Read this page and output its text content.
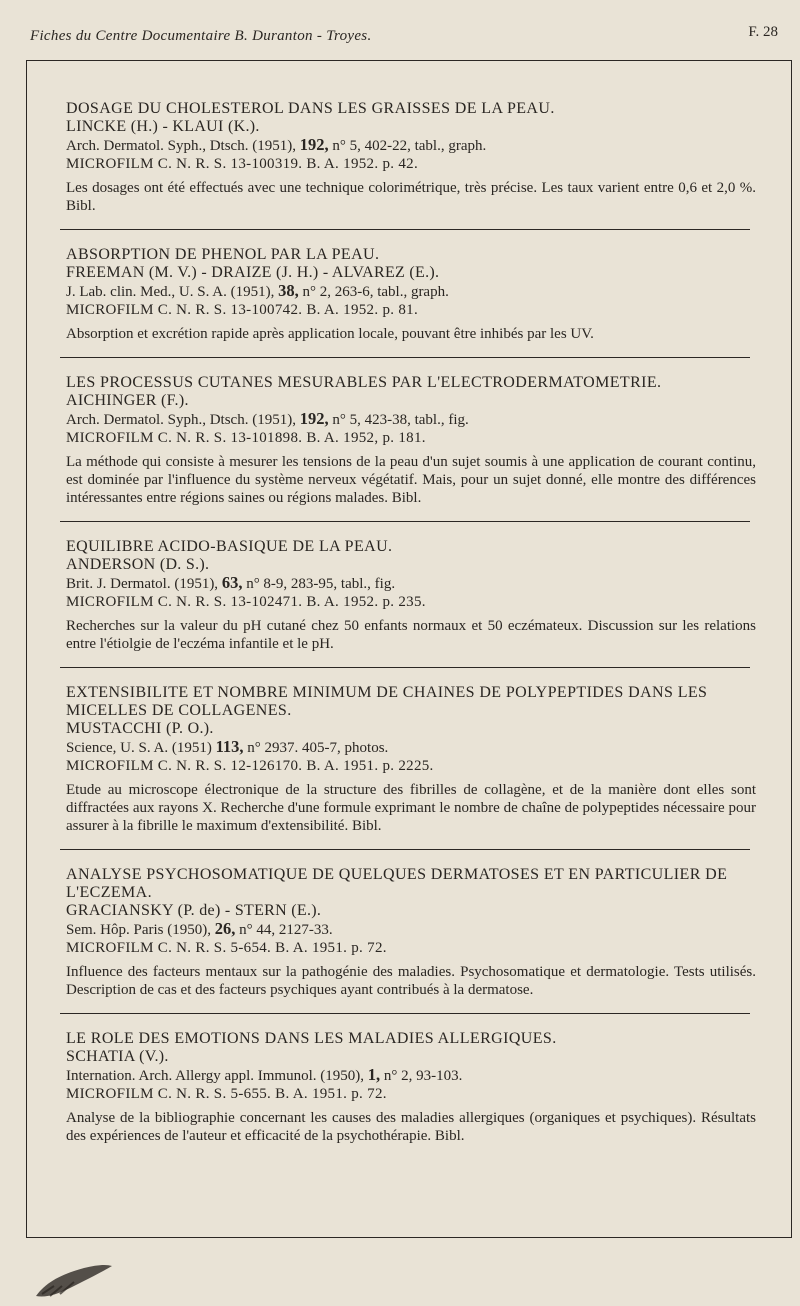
Fiches du Centre Documentaire B. Duranton - Troyes.	F. 28
DOSAGE DU CHOLESTEROL DANS LES GRAISSES DE LA PEAU.
LINCKE (H.) - KLAUI (K.).
Arch. Dermatol. Syph., Dtsch. (1951), 192, n° 5, 402-22, tabl., graph.
MICROFILM C. N. R. S. 13-100319. B. A. 1952. p. 42.
Les dosages ont été effectués avec une technique colorimétrique, très précise. Les taux varient entre 0,6 et 2,0 %. Bibl.
ABSORPTION DE PHENOL PAR LA PEAU.
FREEMAN (M. V.) - DRAIZE (J. H.) - ALVAREZ (E.).
J. Lab. clin. Med., U. S. A. (1951), 38, n° 2, 263-6, tabl., graph.
MICROFILM C. N. R. S. 13-100742. B. A. 1952. p. 81.
Absorption et excrétion rapide après application locale, pouvant être inhibés par les UV.
LES PROCESSUS CUTANES MESURABLES PAR L'ELECTRODERMATOMETRIE.
AICHINGER (F.).
Arch. Dermatol. Syph., Dtsch. (1951), 192, n° 5, 423-38, tabl., fig.
MICROFILM C. N. R. S. 13-101898. B. A. 1952, p. 181.
La méthode qui consiste à mesurer les tensions de la peau d'un sujet soumis à une application de courant continu, est dominée par l'influence du système nerveux végétatif. Mais, pour un sujet donné, elle montre des différences intéressantes entre régions saines ou régions malades. Bibl.
EQUILIBRE ACIDO-BASIQUE DE LA PEAU.
ANDERSON (D. S.).
Brit. J. Dermatol. (1951), 63, n° 8-9, 283-95, tabl., fig.
MICROFILM C. N. R. S. 13-102471. B. A. 1952. p. 235.
Recherches sur la valeur du pH cutané chez 50 enfants normaux et 50 eczémateux. Discussion sur les relations entre l'étiolgie de l'eczéma infantile et le pH.
EXTENSIBILITE ET NOMBRE MINIMUM DE CHAINES DE POLYPEPTIDES DANS LES MICELLES DE COLLAGENES.
MUSTACCHI (P. O.).
Science, U. S. A. (1951) 113, n° 2937. 405-7, photos.
MICROFILM C. N. R. S. 12-126170. B. A. 1951. p. 2225.
Etude au microscope électronique de la structure des fibrilles de collagène, et de la manière dont elles sont diffractées aux rayons X. Recherche d'une formule exprimant le nombre de chaîne de polypeptides nécessaire pour assurer à la fibrille le maximum d'extensibilité. Bibl.
ANALYSE PSYCHOSOMATIQUE DE QUELQUES DERMATOSES ET EN PARTICULIER DE L'ECZEMA.
GRACIANSKY (P. de) - STERN (E.).
Sem. Hôp. Paris (1950), 26, n° 44, 2127-33.
MICROFILM C. N. R. S. 5-654. B. A. 1951. p. 72.
Influence des facteurs mentaux sur la pathogénie des maladies. Psychosomatique et dermatologie. Tests utilisés. Description de cas et des facteurs psychiques ayant contribués à la dermatose.
LE ROLE DES EMOTIONS DANS LES MALADIES ALLERGIQUES.
SCHATIA (V.).
Internation. Arch. Allergy appl. Immunol. (1950), 1, n° 2, 93-103.
MICROFILM C. N. R. S. 5-655. B. A. 1951. p. 72.
Analyse de la bibliographie concernant les causes des maladies allergiques (organiques et psychiques). Résultats des expériences de l'auteur et efficacité de la psychothérapie. Bibl.
